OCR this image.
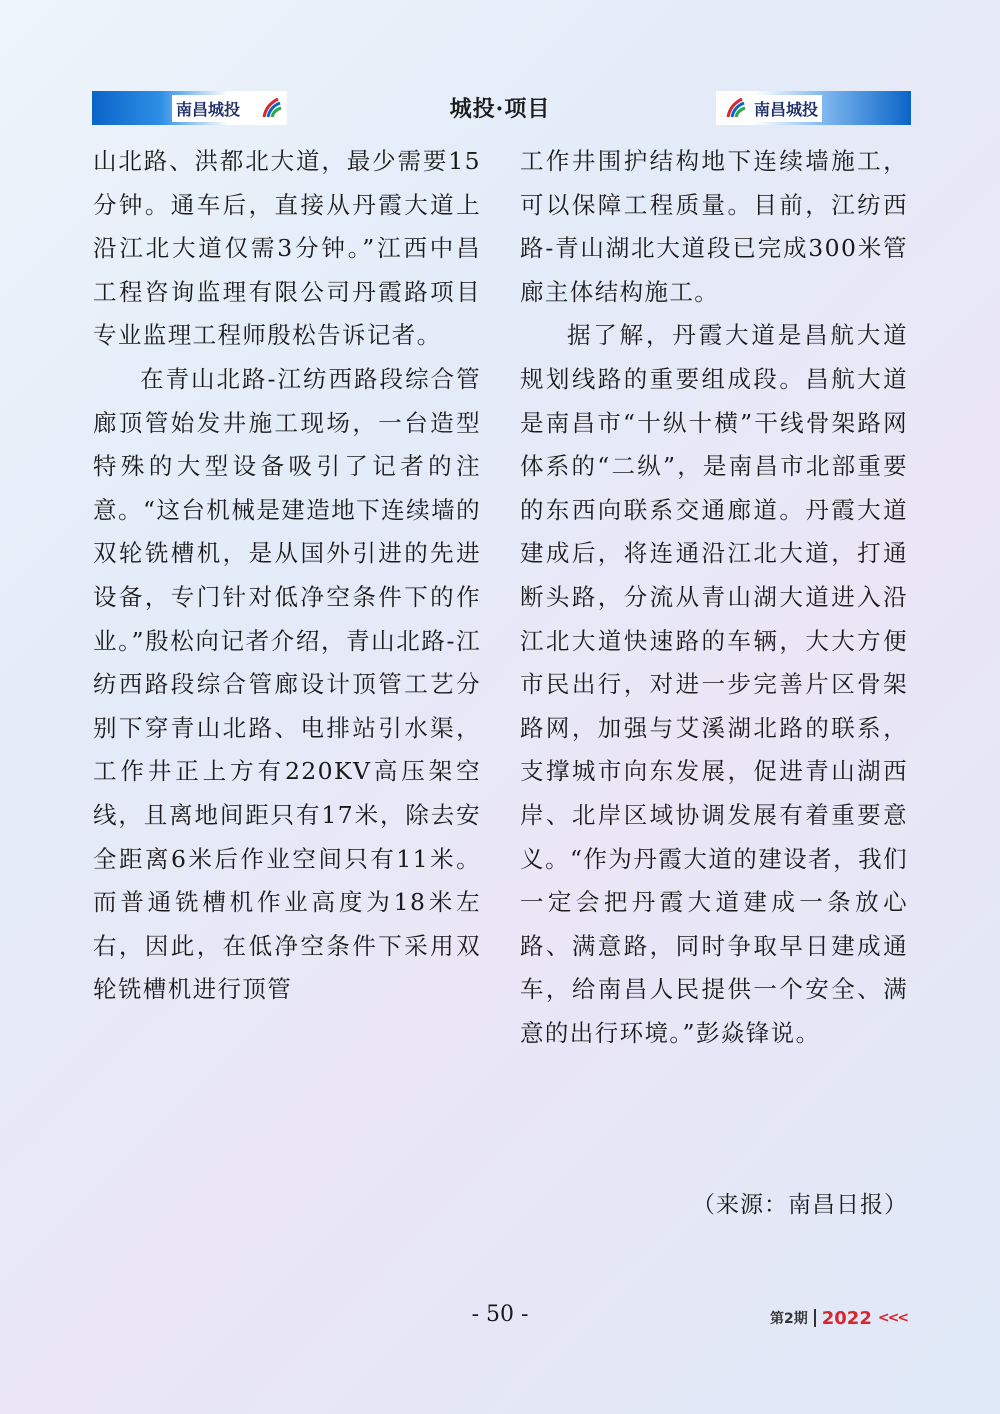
南昌城投	城投·项目	南昌城投

山北路、洪都北大道，最少需要15分钟。通车后，直接从丹霞大道上沿江北大道仅需3分钟。”江西中昌工程咨询监理有限公司丹霞路项目专业监理工程师殷松告诉记者。

在青山北路-江纺西路段综合管廊顶管始发井施工现场，一台造型特殊的大型设备吸引了记者的注意。“这台机械是建造地下连续墙的双轮铣槽机，是从国外引进的先进设备，专门针对低净空条件下的作业。”殷松向记者介绍，青山北路-江纺西路段综合管廊设计顶管工艺分别下穿青山北路、电排站引水渠，工作井正上方有220KV高压架空线，且离地间距只有17米，除去安全距离6米后作业空间只有11米。而普通铣槽机作业高度为18米左右，因此，在低净空条件下采用双轮铣槽机进行顶管

工作井围护结构地下连续墙施工，可以保障工程质量。目前，江纺西路-青山湖北大道段已完成300米管廊主体结构施工。

据了解，丹霞大道是昌航大道规划线路的重要组成段。昌航大道是南昌市“十纵十横”干线骨架路网体系的“二纵”，是南昌市北部重要的东西向联系交通廊道。丹霞大道建成后，将连通沿江北大道，打通断头路，分流从青山湖大道进入沿江北大道快速路的车辆，大大方便市民出行，对进一步完善片区骨架路网，加强与艾溪湖北路的联系，支撑城市向东发展，促进青山湖西岸、北岸区域协调发展有着重要意义。“作为丹霞大道的建设者，我们一定会把丹霞大道建成一条放心路、满意路，同时争取早日建成通车，给南昌人民提供一个安全、满意的出行环境。”彭焱锋说。

（来源：南昌日报）
- 50 -	第2期 2022 <<<
